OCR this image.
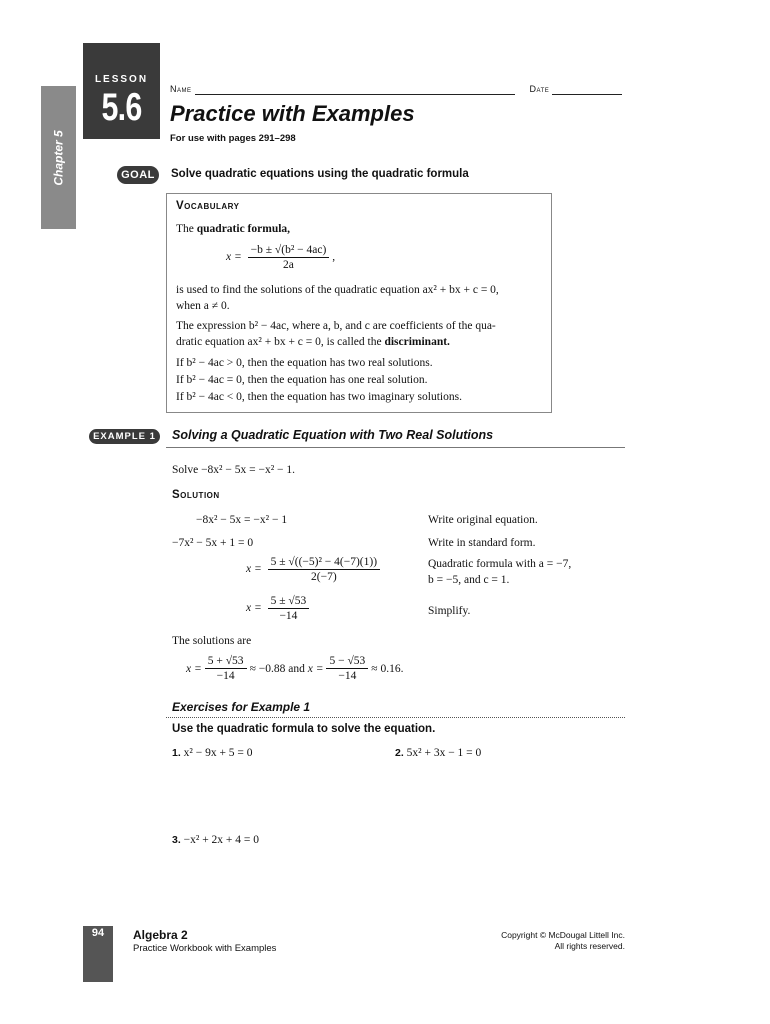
Chapter 5
LESSON
5.6	Name	Date
Practice with Examples
For use with pages 291–298
GOAL	Solve quadratic equations using the quadratic formula
Vocabulary
The quadratic formula,
$x = \frac{\text{−b ± √(b² − 4ac)}}{2a}$ ,
is used to find the solutions of the quadratic equation ax² + bx + c = 0,
when a ≠ 0.
The expression b² − 4ac, where a, b, and c are coefficients of the qua-
dratic equation ax² + bx + c = 0, is called the discriminant.
If b² − 4ac > 0, then the equation has two real solutions.
If b² − 4ac = 0, then the equation has one real solution.
If b² − 4ac < 0, then the equation has two imaginary solutions.
EXAMPLE 1	Solving a Quadratic Equation with Two Real Solutions
Solve −8x² − 5x = −x² − 1.
Solution
−8x² − 5x = −x² − 1	Write original equation.
−7x² − 5x + 1 = 0	Write in standard form.
$x = \frac{\text{5 ± √((−5)² − 4(−7)(1))}}{2(-7)}$	Quadratic formula with a = −7,
b = −5, and c = 1.
$x = \frac{5 \pm √53}{-14}$	Simplify.
The solutions are
$x = \frac{5 + √53}{-14} \approx -0.88$
and
$x = \frac{5 - √53}{-14} \approx 0.16$.
Exercises for Example 1
Use the quadratic formula to solve the equation.
1. x² − 9x + 5 = 0	2. 5x² + 3x − 1 = 0
3. −x² + 2x + 4 = 0
94	Algebra 2
Practice Workbook with Examples
Copyright © McDougal Littell Inc.
All rights reserved.
